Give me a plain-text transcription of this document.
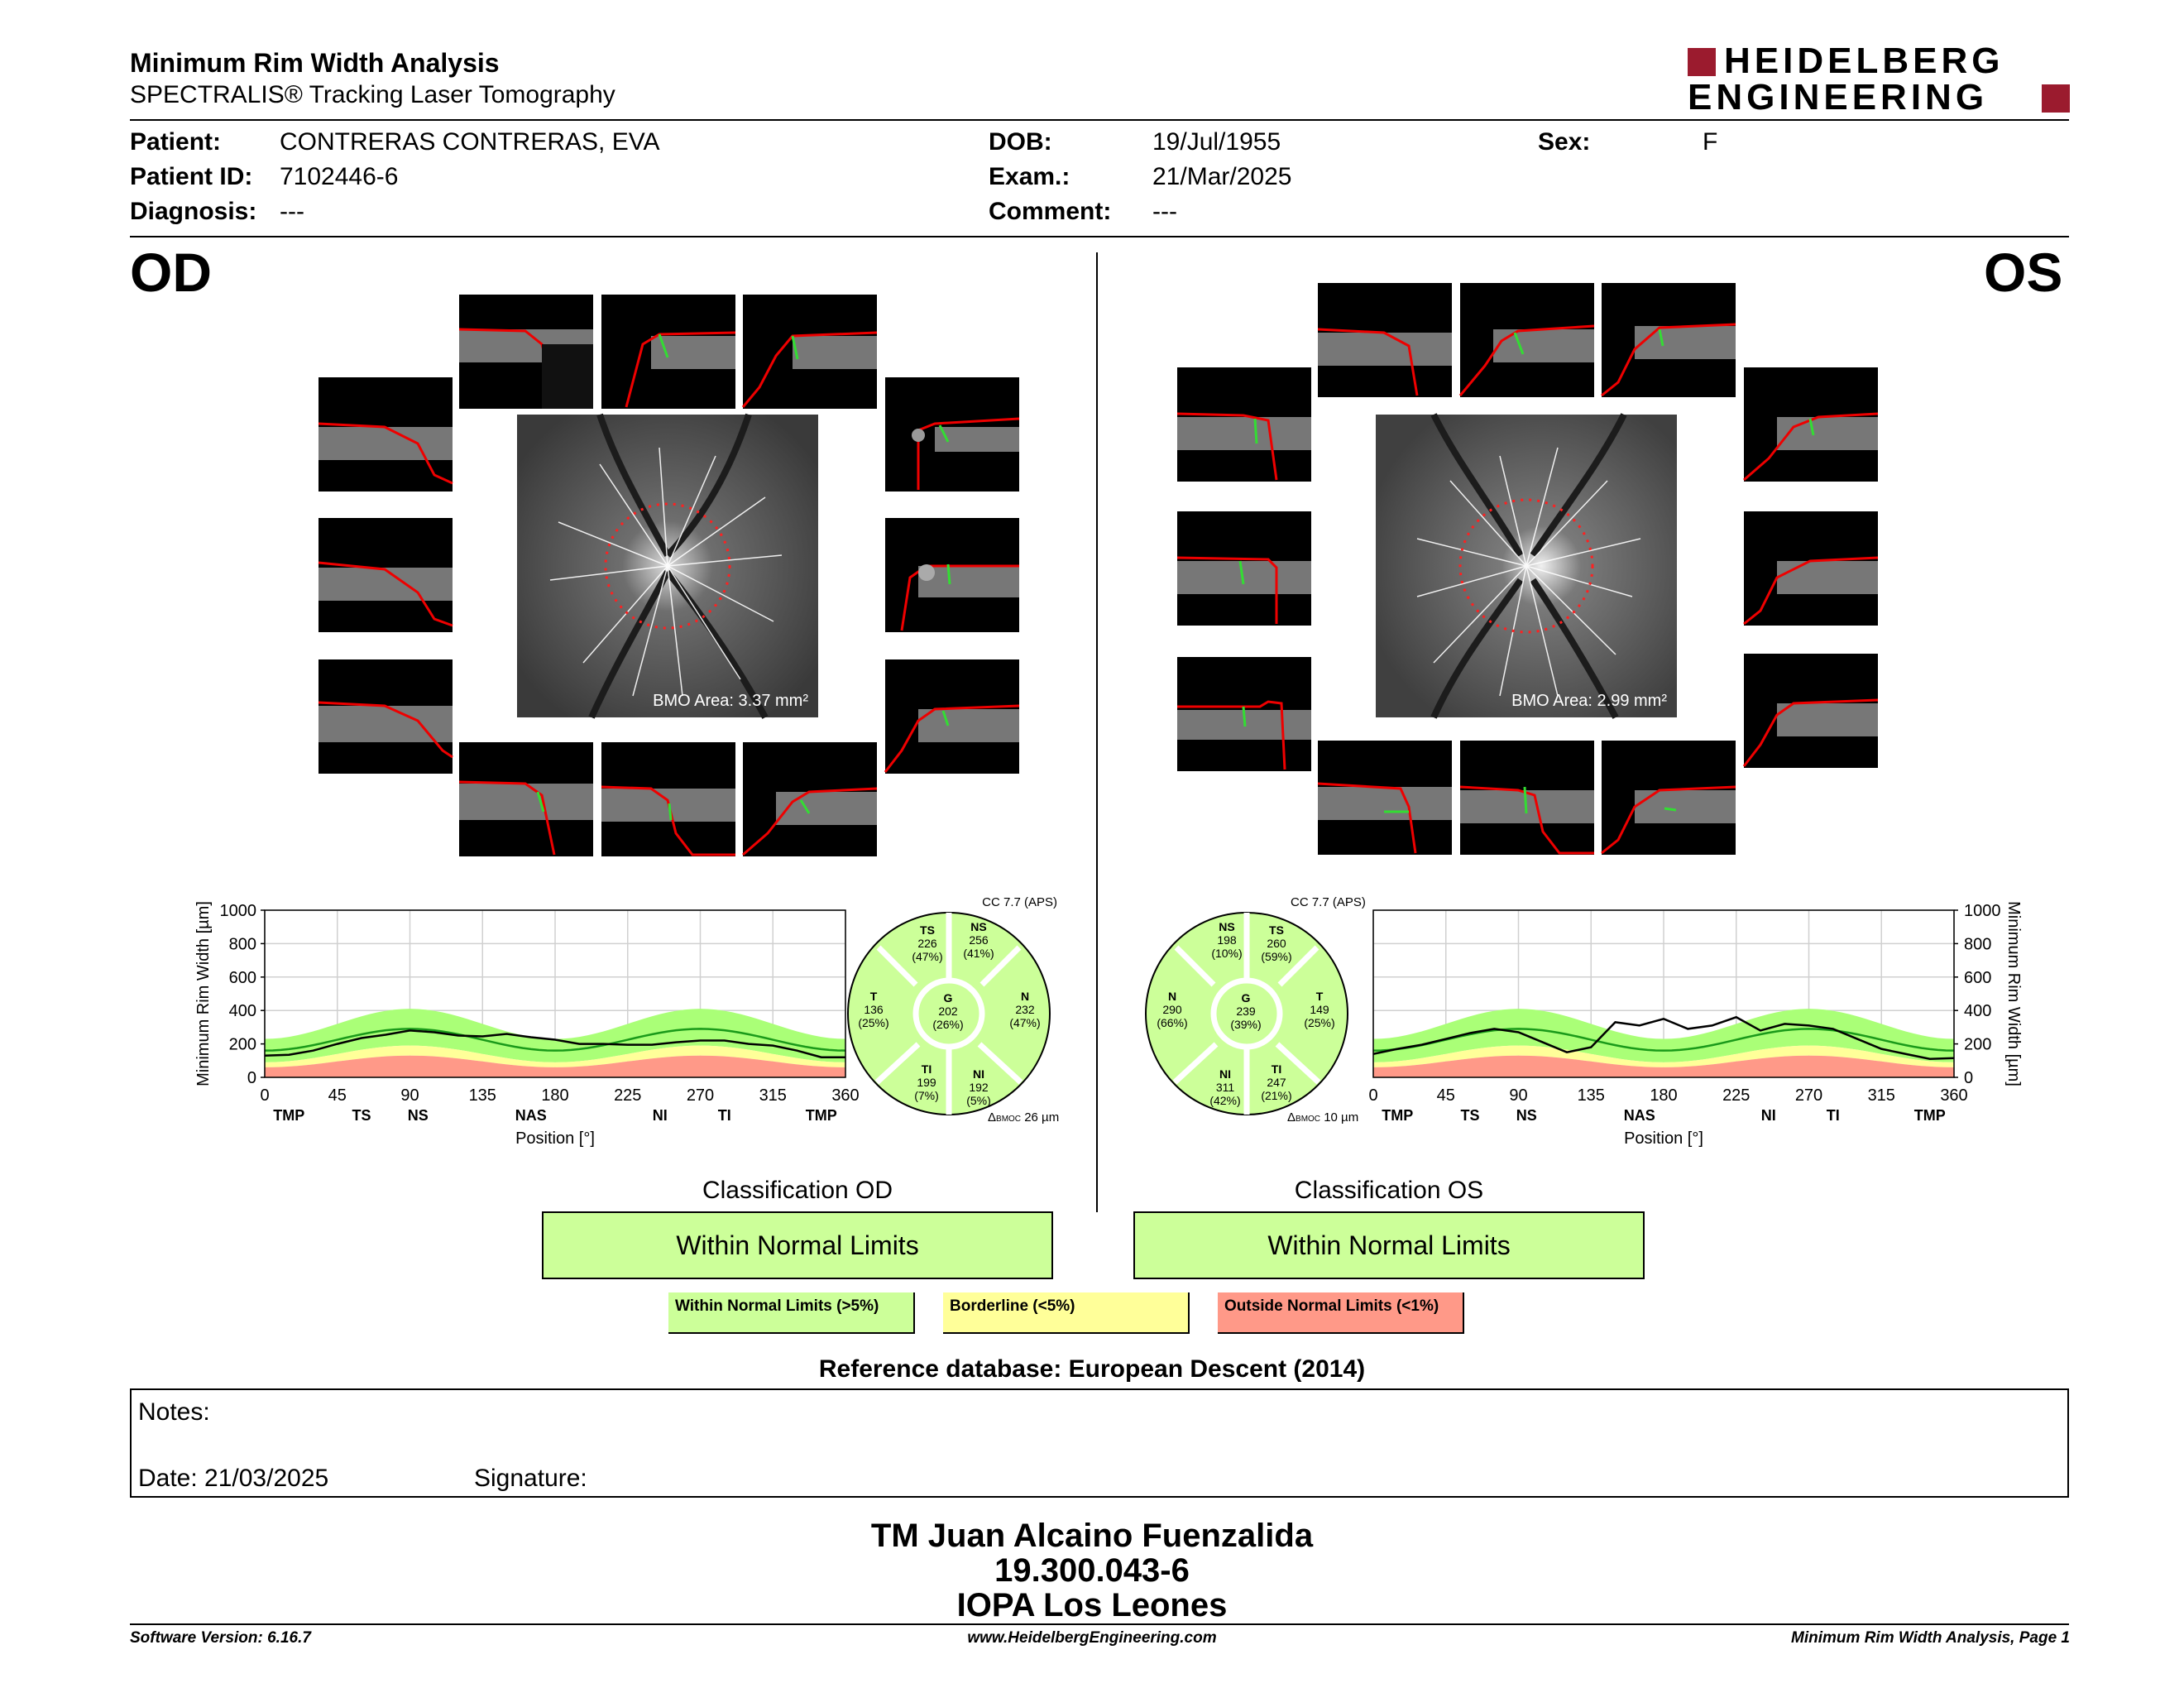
Minimum Rim Width Analysis
SPECTRALIS® Tracking Laser Tomography
HEIDELBERG
ENGINEERING
Patient: CONTRERAS CONTRERAS, EVA
Patient ID: 7102446-6
Diagnosis: ---
DOB:	19/Jul/1955
Exam.:	21/Mar/2025
Comment: ---
Sex:	F
OD	OS
BMO Area: 3.37 mm²	BMO Area: 2.99 mm²
0	45	90	135	180	225	270	315	360
0
200
400
600
800
1000
TMP	TS NS	NAS	NI	TI	TMP
Position [°]
Minimum Rim Width [µm]
0	45	90	135	180	225	270	315	360
0
200
400
600
800
1000
TMP	TS NS	NAS	NI	TI	TMP
Position [°]
Minimum Rim Width [µm]
CC 7.7 (APS)
TS
226
(47%)
NS
256
(41%)
T
136
(25%)
G
202
(26%)
N
232
(47%)
TI
199
(7%)
NI
192
(5%)
ΔBMOC 26 µm
CC 7.7 (APS)
NS
198
(10%)
TS
260
(59%)
N
290
(66%)
G
239
(39%)
T
149
(25%)
NI
311
(42%)
TI
247
(21%)
ΔBMOC 10 µm
Classification OD
Within Normal Limits
Classification OS
Within Normal Limits
Within Normal Limits (>5%)	Borderline (<5%)	Outside Normal Limits (<1%)
Reference database: European Descent (2014)
Notes:
Date: 21/03/2025	Signature:
TM Juan Alcaino Fuenzalida
19.300.043-6
IOPA Los Leones
Software Version: 6.16.7	www.HeidelbergEngineering.com	Minimum Rim Width Analysis, Page 1
